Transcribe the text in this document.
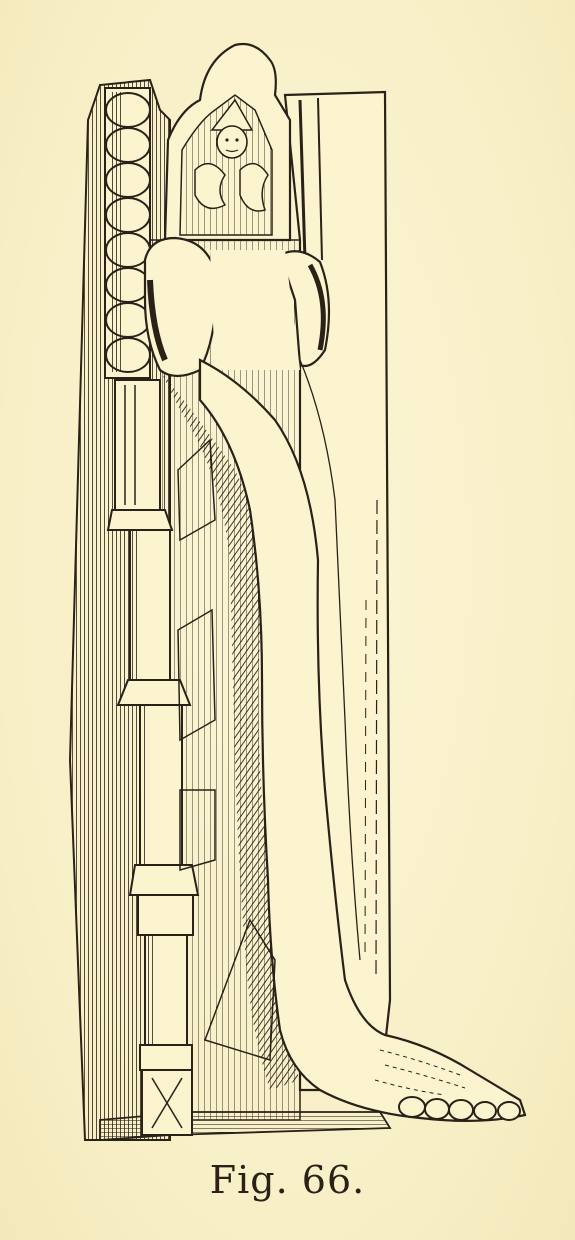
Fig. 66.
